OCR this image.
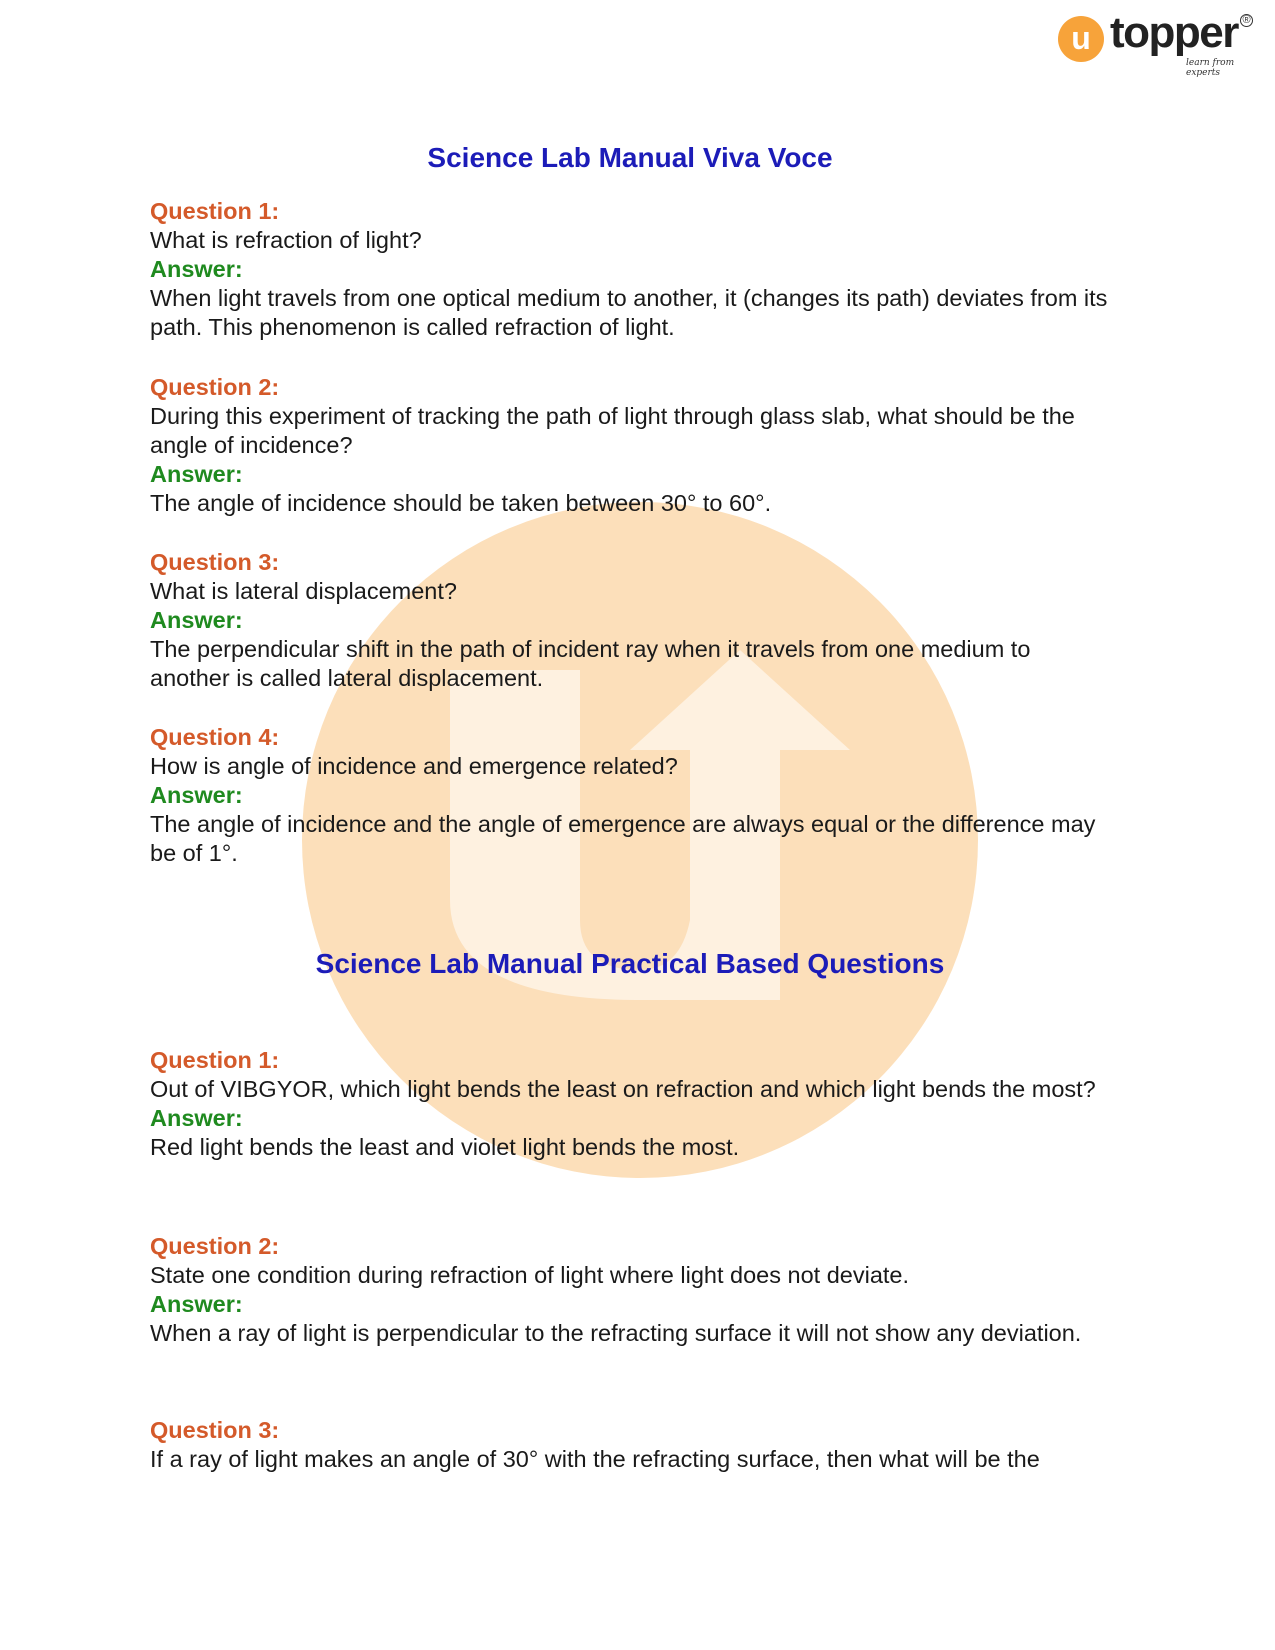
u topper ®
learn from experts
Science Lab Manual Viva Voce
Question 1:
What is refraction of light?
Answer:
When light travels from one optical medium to another, it (changes its path) deviates from its path. This phenomenon is called refraction of light.
Question 2:
During this experiment of tracking the path of light through glass slab, what should be the angle of incidence?
Answer:
The angle of incidence should be taken between 30° to 60°.
Question 3:
What is lateral displacement?
Answer:
The perpendicular shift in the path of incident ray when it travels from one medium to another is called lateral displacement.
Question 4:
How is angle of incidence and emergence related?
Answer:
The angle of incidence and the angle of emergence are always equal or the difference may be of 1°.
Science Lab Manual Practical Based Questions
Question 1:
Out of VIBGYOR, which light bends the least on refraction and which light bends the most?
Answer:
Red light bends the least and violet light bends the most.
Question 2:
State one condition during refraction of light where light does not deviate.
Answer:
When a ray of light is perpendicular to the refracting surface it will not show any deviation.
Question 3:
If a ray of light makes an angle of 30° with the refracting surface, then what will be the
